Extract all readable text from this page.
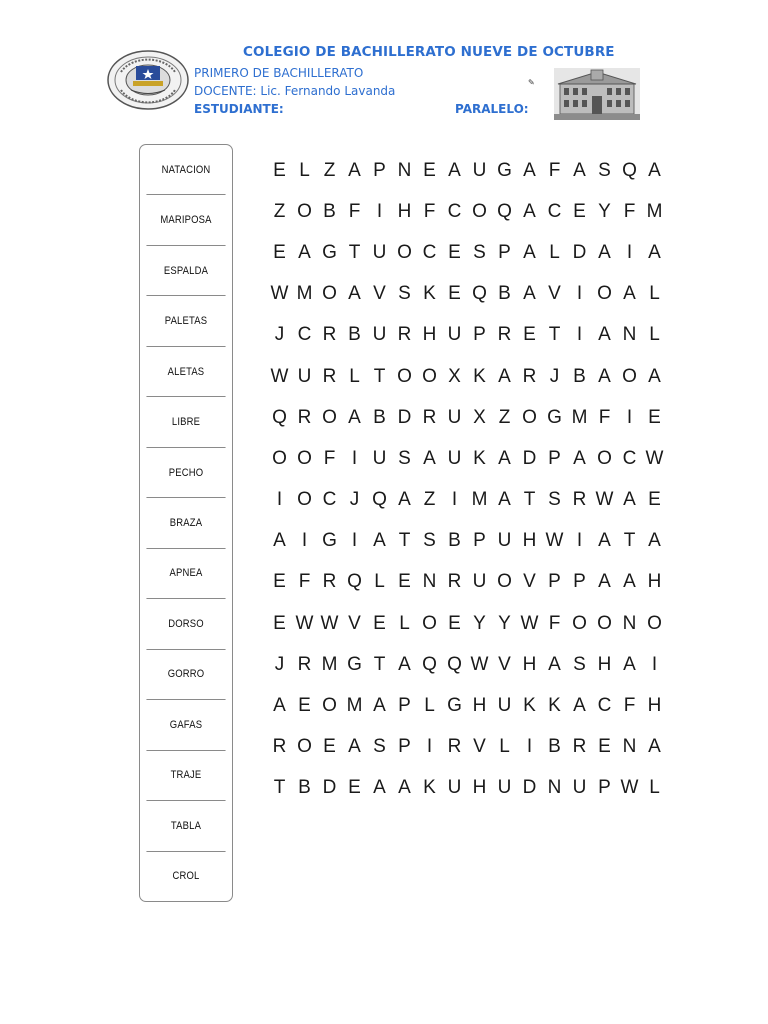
COLEGIO DE BACHILLERATO NUEVE DE OCTUBRE
PRIMERO DE BACHILLERATO
DOCENTE: Lic. Fernando Lavanda
ESTUDIANTE:	PARALELO:
✎
NATACION
MARIPOSA
ESPALDA
PALETAS
ALETAS
LIBRE
PECHO
BRAZA
APNEA
DORSO
GORRO
GAFAS
TRAJE
TABLA
CROL
E L Z A P N E A U G A F A S Q A
Z O B F I H F C O Q A C E Y F M
E A G T U O C E S P A L D A I A
W M O A V S K E Q B A V I O A L
J C R B U R H U P R E T I A N L
W U R L T O O X K A R J B A O A
Q R O A B D R U X Z O G M F I E
O O F I U S A U K A D P A O C W
I O C J Q A Z I M A T S R W A E
A I G I A T S B P U H W I A T A
E F R Q L E N R U O V P P A A H
E W W V E L O E Y Y W F O O N O
J R M G T A Q Q W V H A S H A I
A E O M A P L G H U K K A C F H
R O E A S P I R V L I B R E N A
T B D E A A K U H U D N U P W L
